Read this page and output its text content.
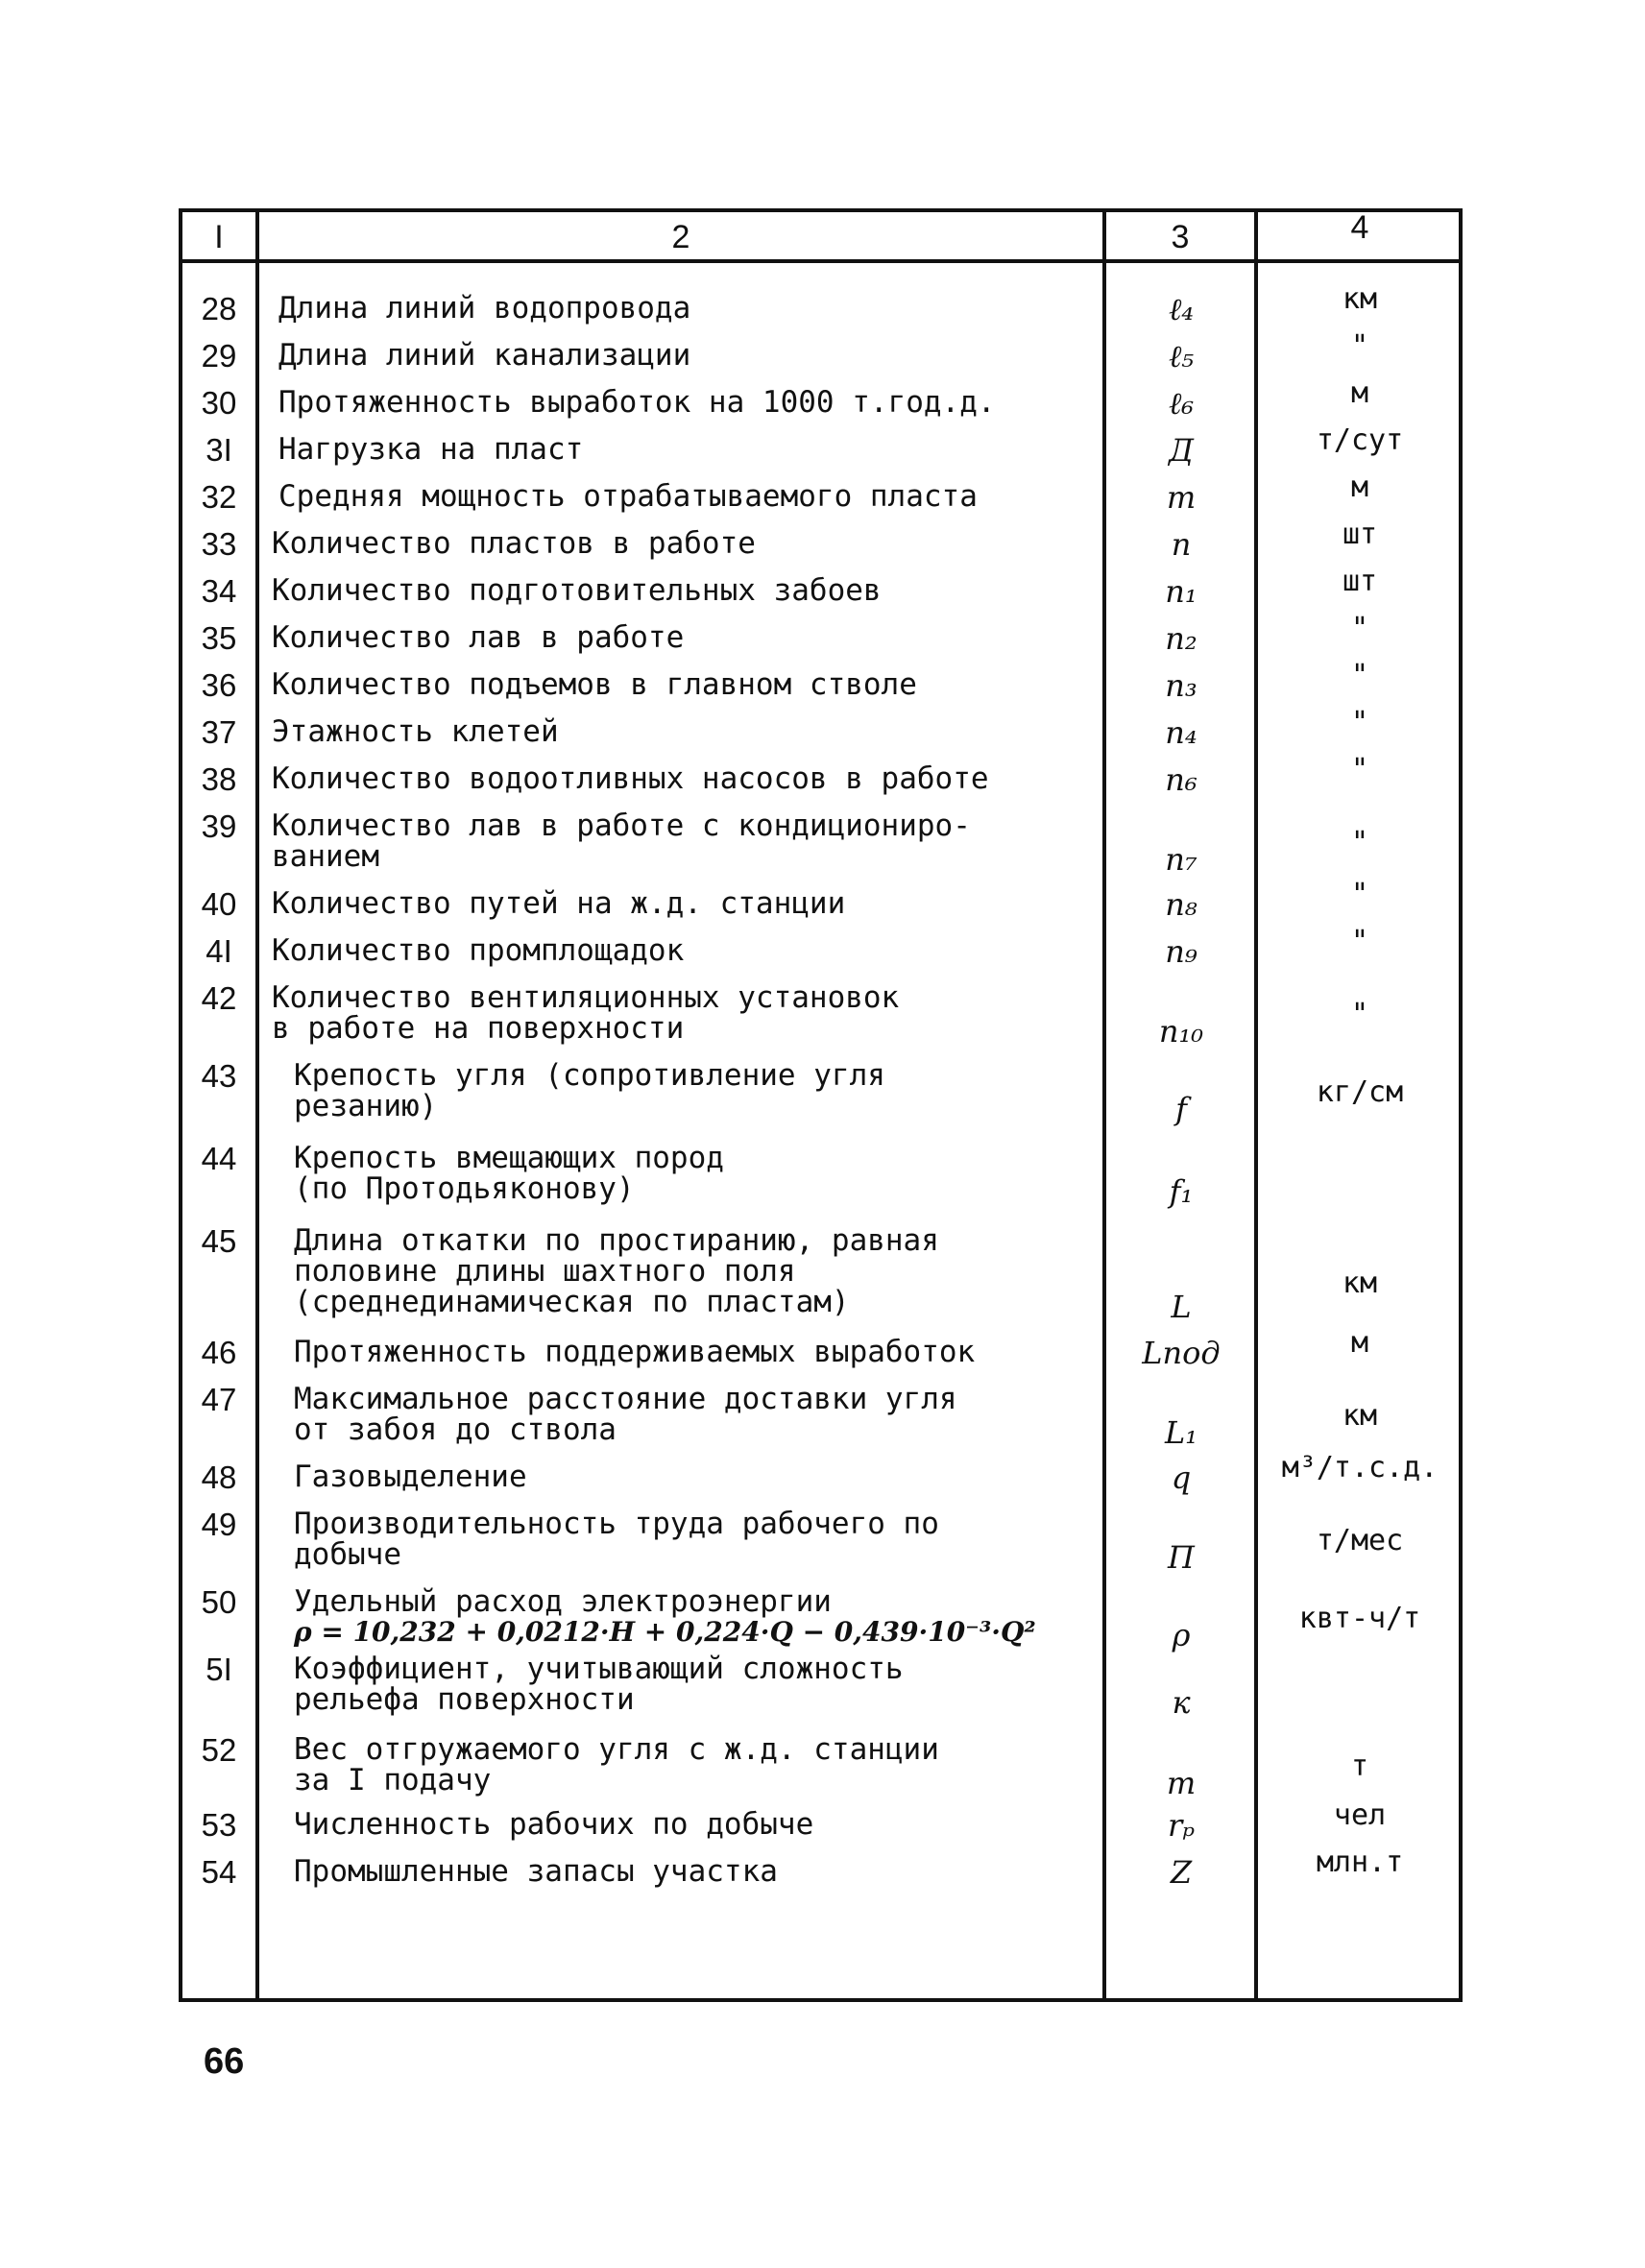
I	2	3	4
28	Длина линий водопровода	ℓ₄	км
29	Длина линий канализации	ℓ₅	"
30	Протяженность выработок на 1000 т.год.д.	ℓ₆	м
3I	Нагрузка на пласт	Д	т/сут
32	Средняя мощность отрабатываемого пласта	m	м
33	Количество пластов в работе	n	шт
34	Количество подготовительных забоев	n₁	шт
35	Количество лав в работе	n₂	"
36	Количество подъемов в главном стволе	n₃	"
37	Этажность клетей	n₄	"
38	Количество водоотливных насосов в работе	n₆	"
39	Количество лав в работе с кондициониро-
ванием	n₇	"
40	Количество путей на ж.д. станции	n₈	"
4I	Количество промплощадок	n₉	"
42	Количество вентиляционных установок
в работе на поверхности	n₁₀	"
43	Крепость угля (сопротивление угля
резанию)	f	кг/см
44	Крепость вмещающих пород
(по Протодьяконову)	f₁
45	Длина откатки по простиранию, равная
половине длины шахтного поля
(среднединамическая по пластам)	L
км
46	Протяженность поддерживаемых выработок	Lпод	м
47	Максимальное расстояние доставки угля
от забоя до ствола	L₁	км
48	Газовыделение	q	м³/т.с.д.
49	Производительность труда рабочего по
добыче	П	т/мес
50	Удельный расход электроэнергии
ρ = 10,232 + 0,0212·H + 0,224·Q − 0,439·10⁻³·Q²	ρ	квт-ч/т
5I	Коэффициент, учитывающий сложность
рельефа поверхности	к
52	Вес отгружаемого угля с ж.д. станции
за I подачу	т	т
53	Численность рабочих по добыче	rₚ	чел
54	Промышленные запасы участка	Z	млн.т
66
